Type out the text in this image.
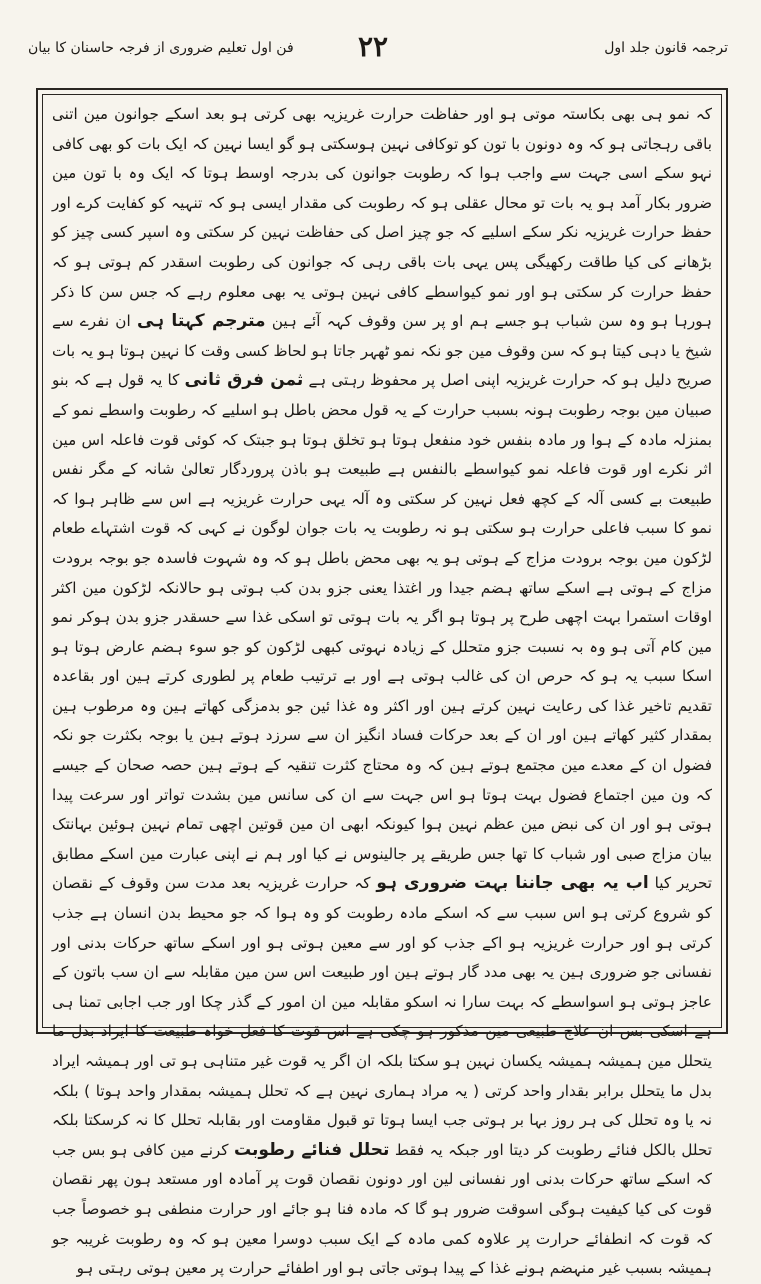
فن اول تعلیم ضروری از فرجہ حاسنان کا بیان ۲۲	ترجمہ قانون جلد اول

کہ نمو ہی بھی بکاستہ موتی ہو اور حفاظت حرارت غریزیہ بھی کرتی ہو بعد اسکے جوانون مین اتنی باقی رہجاتی ہو کہ وہ دونون با تون کو توکافی نہین ہوسکتی ہو گو ایسا نہین کہ ایک بات کو بھی کافی نہو سکے اسی جہت سے واجب ہوا کہ رطوبت جوانون کی بدرجہ اوسط ہوتا کہ ایک وہ با تون مین ضرور بکار آمد ہو یہ بات تو محال عقلی ہو کہ رطوبت کی مقدار ایسی ہو کہ تنہیہ کو کفایت کرے اور حفظ حرارت غریزیہ نکر سکے اسلیے کہ جو چیز اصل کی حفاظت نہین کر سکتی وہ اسپر کسی چیز کو بڑھانے کی کیا طاقت رکھیگی پس یہی بات باقی رہی کہ جوانون کی رطوبت اسقدر کم ہوتی ہو کہ حفظ حرارت کر سکتی ہو اور نمو کیواسطے کافی نہین ہوتی یہ بھی معلوم رہے کہ جس سن کا ذکر ہورہا ہو وہ سن شباب ہو جسے ہم او پر سن وقوف کہہ آئے ہین مترجم کہتا ہی ان نفرے سے شیخ یا دہی کیتا ہو کہ سن وقوف مین جو نکہ نمو ٹھہر جاتا ہو لحاظ کسی وقت کا نہین ہوتا ہو یہ بات صریح دلیل ہو کہ حرارت غریزیہ اپنی اصل پر محفوظ رہتی ہے ثمن فرق ثانی کا یہ قول ہے کہ بنو صبیان مین بوجہ رطوبت ہونہ بسبب حرارت کے یہ قول محض باطل ہو اسلیے کہ رطوبت واسطے نمو کے بمنزلہ مادہ کے ہوا ور مادہ بنفس خود منفعل ہوتا ہو تخلق ہوتا ہو جبتک کہ کوئی قوت فاعلہ اس مین اثر نکرے اور قوت فاعلہ نمو کیواسطے بالنفس ہے طبیعت ہو باذن پروردگار تعالیٰ شانہ کے مگر نفس طبیعت بے کسی آلہ کے کچھ فعل نہین کر سکتی وہ آلہ یہی حرارت غریزیہ ہے اس سے ظاہر ہوا کہ نمو کا سبب فاعلی حرارت ہو سکتی ہو نہ رطوبت یہ بات جوان لوگون نے کہی کہ قوت اشتہاے طعام لڑکون مین بوجہ برودت مزاج کے ہوتی ہو یہ بھی محض باطل ہو کہ وہ شہوت فاسدہ جو بوجہ برودت مزاج کے ہوتی ہے اسکے ساتھ ہضم جیدا ور اغتذا یعنی جزو بدن کب ہوتی ہو حالانکہ لڑکون مین اکثر اوقات استمرا بہت اچھی طرح پر ہوتا ہو اگر یہ بات ہوتی تو اسکی غذا سے حسقدر جزو بدن ہوکر نمو مین کام آتی ہو وہ بہ نسبت جزو متحلل کے زیادہ نہوتی کبھی لڑکون کو جو سوء ہضم عارض ہوتا ہو اسکا سبب یہ ہو کہ حرص ان کی غالب ہوتی ہے اور بے ترتیب طعام پر لطوری کرتے ہین اور بقاعدہ تقدیم تاخیر غذا کی رعایت نہین کرتے ہین اور اکثر وہ غذا ئین جو بدمزگی کھاتے ہین وہ مرطوب ہین بمقدار کثیر کھاتے ہین اور ان کے بعد حرکات فساد انگیز ان سے سرزد ہوتے ہین یا بوجہ بکثرت جو نکہ فضول ان کے معدے مین مجتمع ہوتے ہین کہ وہ محتاج کثرت تنقیہ کے ہوتے ہین حصہ صحان کے جیسے کہ ون مین اجتماع فضول بہت ہوتا ہو اس جہت سے ان کی سانس مین بشدت تواتر اور سرعت پیدا ہوتی ہو اور ان کی نبض مین عظم نہین ہوا کیونکہ ابھی ان مین قوتین اچھی تمام نہین ہوئین بہانتک بیان مزاج صبی اور شباب کا تھا جس طریقے پر جالینوس نے کیا اور ہم نے اپنی عبارت مین اسکے مطابق تحریر کیا اب یہ بھی جاننا بہت ضروری ہو کہ حرارت غریزیہ بعد مدت سن وقوف کے نقصان کو شروع کرتی ہو اس سبب سے کہ اسکے مادہ رطوبت کو وہ ہوا کہ جو محیط بدن انسان ہے جذب کرتی ہو اور حرارت غریزیہ ہو اکے جذب کو اور سے معین ہوتی ہو اور اسکے ساتھ حرکات بدنی اور نفسانی جو ضروری ہین یہ بھی مدد گار ہوتے ہین اور طبیعت اس سن مین مقابلہ سے ان سب باتون کے عاجز ہوتی ہو اسواسطے کہ بہت سارا نہ اسکو مقابلہ مین ان امور کے گذر چکا اور جب اجابی تمنا ہی ہے اسکی بس ان علاج طبیعی مین مذکور ہو چکی ہے اس قوت کا فعل خواہ طبیعت کا ایراد بدل ما یتحلل مین ہمیشہ ہمیشہ یکسان نہین ہو سکتا بلکہ ان اگر یہ قوت غیر متناہی ہو تی اور ہمیشہ ایراد بدل ما یتحلل برابر بقدار واحد کرتی ( یہ مراد ہماری نہین ہے کہ تحلل ہمیشہ بمقدار واحد ہوتا ) بلکہ نہ یا وہ تحلل کی ہر روز بہا بر ہوتی جب ایسا ہوتا تو قبول مقاومت اور بقابلہ تحلل کا نہ کرسکتا بلکہ تحلل بالکل فنائے رطوبت کر دیتا اور جبکہ یہ فقط تحلل فنائے رطوبت کرنے مین کافی ہو بس جب کہ اسکے ساتھ حرکات بدنی اور نفسانی لین اور دونون نقصان قوت پر آمادہ اور مستعد ہون پھر نقصان قوت کی کیا کیفیت ہوگی اسوقت ضرور ہو گا کہ مادہ فنا ہو جائے اور حرارت منطفی ہو خصوصاً جب کہ قوت کہ انطفائے حرارت پر علاوہ کمی مادہ کے ایک سبب دوسرا معین ہو کہ وہ رطوبت غریبہ جو ہمیشہ بسبب غیر منہضم ہونے غذا کے پیدا ہوتی جاتی ہو اور اطفائے حرارت پر معین ہوتی رہتی ہو
